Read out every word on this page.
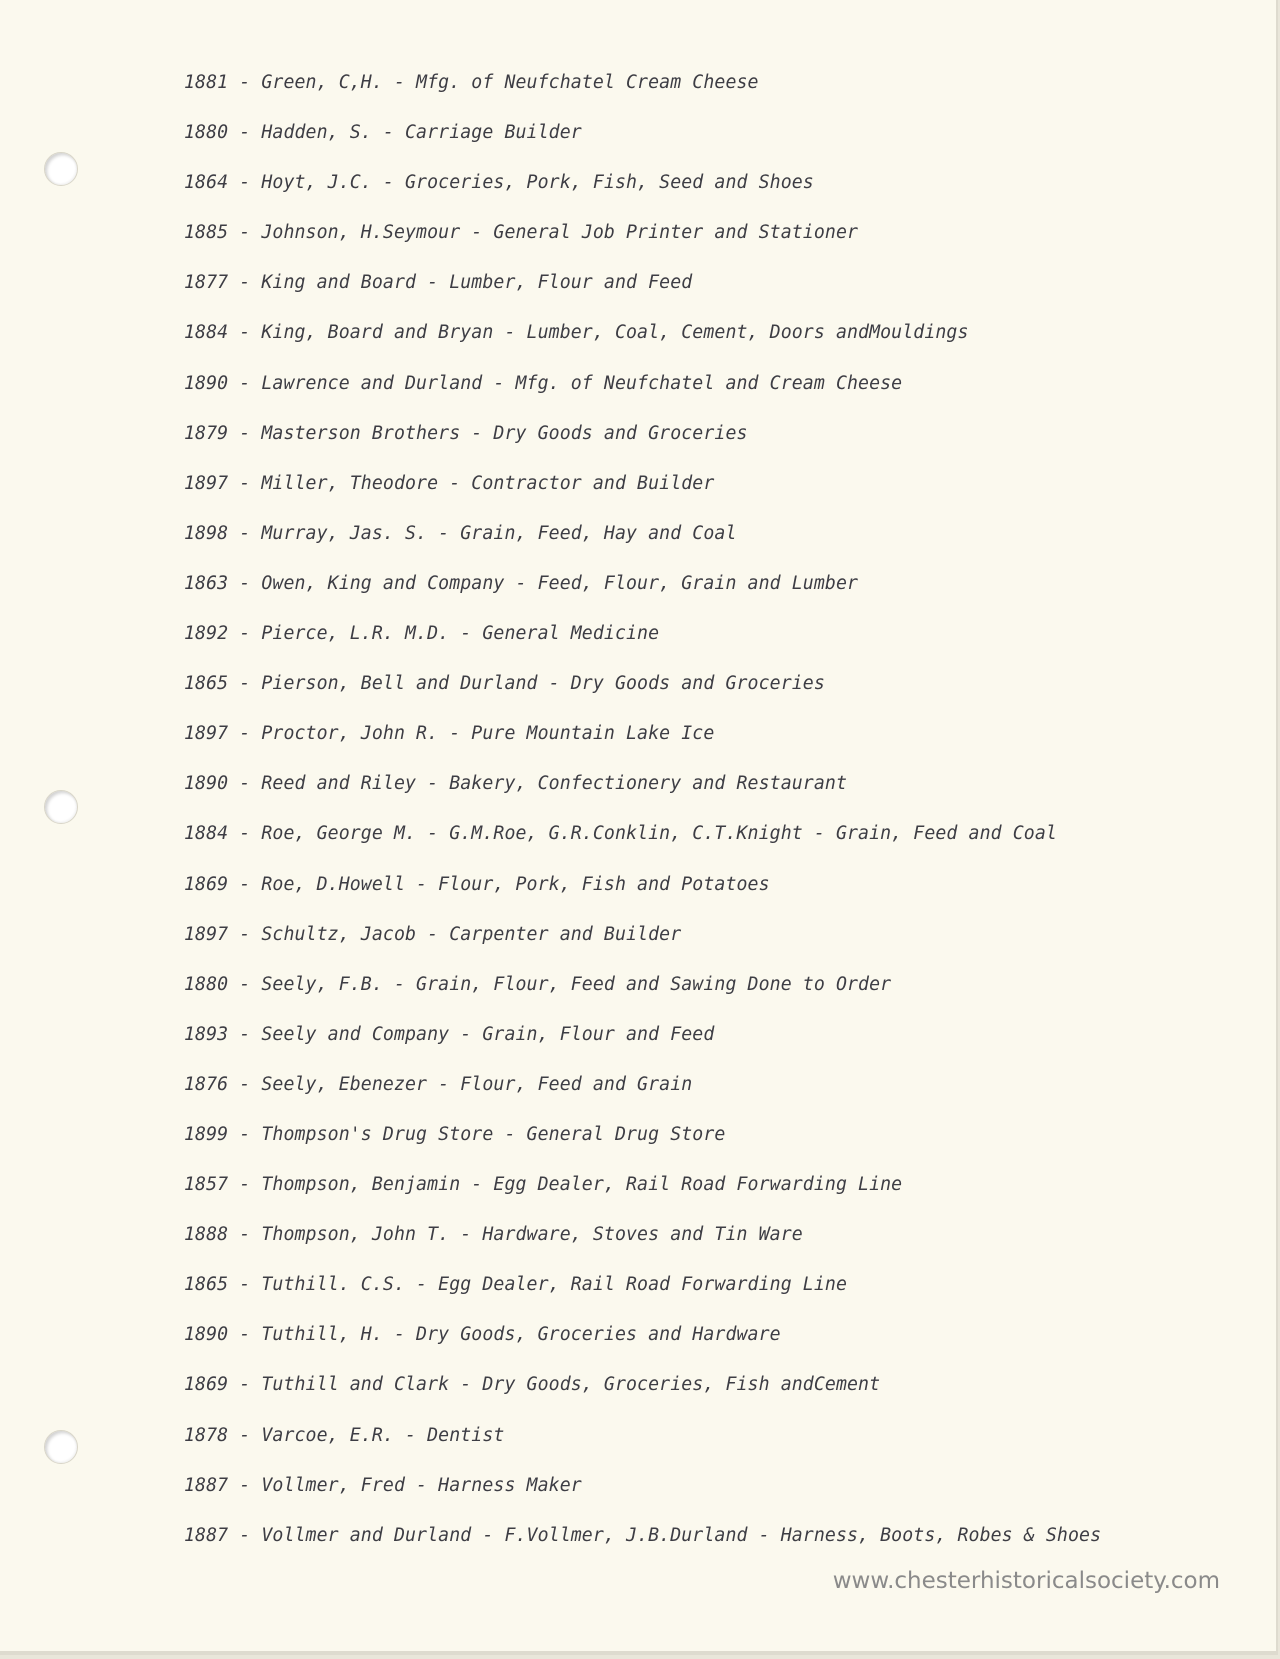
1881 - Green, C,H. - Mfg. of Neufchatel Cream Cheese
1880 - Hadden, S. - Carriage Builder
1864 - Hoyt, J.C. - Groceries, Pork, Fish, Seed and Shoes
1885 - Johnson, H.Seymour - General Job Printer and Stationer
1877 - King and Board - Lumber, Flour and Feed
1884 - King, Board and Bryan - Lumber, Coal, Cement, Doors andMouldings
1890 - Lawrence and Durland - Mfg. of Neufchatel and Cream Cheese
1879 - Masterson Brothers - Dry Goods and Groceries
1897 - Miller, Theodore - Contractor and Builder
1898 - Murray, Jas. S. - Grain, Feed, Hay and Coal
1863 - Owen, King and Company - Feed, Flour, Grain and Lumber
1892 - Pierce, L.R. M.D. - General Medicine
1865 - Pierson, Bell and Durland - Dry Goods and Groceries
1897 - Proctor, John R. - Pure Mountain Lake Ice
1890 - Reed and Riley - Bakery, Confectionery and Restaurant
1884 - Roe, George M. - G.M.Roe, G.R.Conklin, C.T.Knight - Grain, Feed and Coal
1869 - Roe, D.Howell - Flour, Pork, Fish and Potatoes
1897 - Schultz, Jacob - Carpenter and Builder
1880 - Seely, F.B. - Grain, Flour, Feed and Sawing Done to Order
1893 - Seely and Company - Grain, Flour and Feed
1876 - Seely, Ebenezer - Flour, Feed and Grain
1899 - Thompson's Drug Store - General Drug Store
1857 - Thompson, Benjamin - Egg Dealer, Rail Road Forwarding Line
1888 - Thompson, John T. - Hardware, Stoves and Tin Ware
1865 - Tuthill. C.S. - Egg Dealer, Rail Road Forwarding Line
1890 - Tuthill, H. - Dry Goods, Groceries and Hardware
1869 - Tuthill and Clark - Dry Goods, Groceries, Fish andCement
1878 - Varcoe, E.R. - Dentist
1887 - Vollmer, Fred - Harness Maker
1887 - Vollmer and Durland - F.Vollmer, J.B.Durland - Harness, Boots, Robes & Shoes
www.chesterhistoricalsociety.com
